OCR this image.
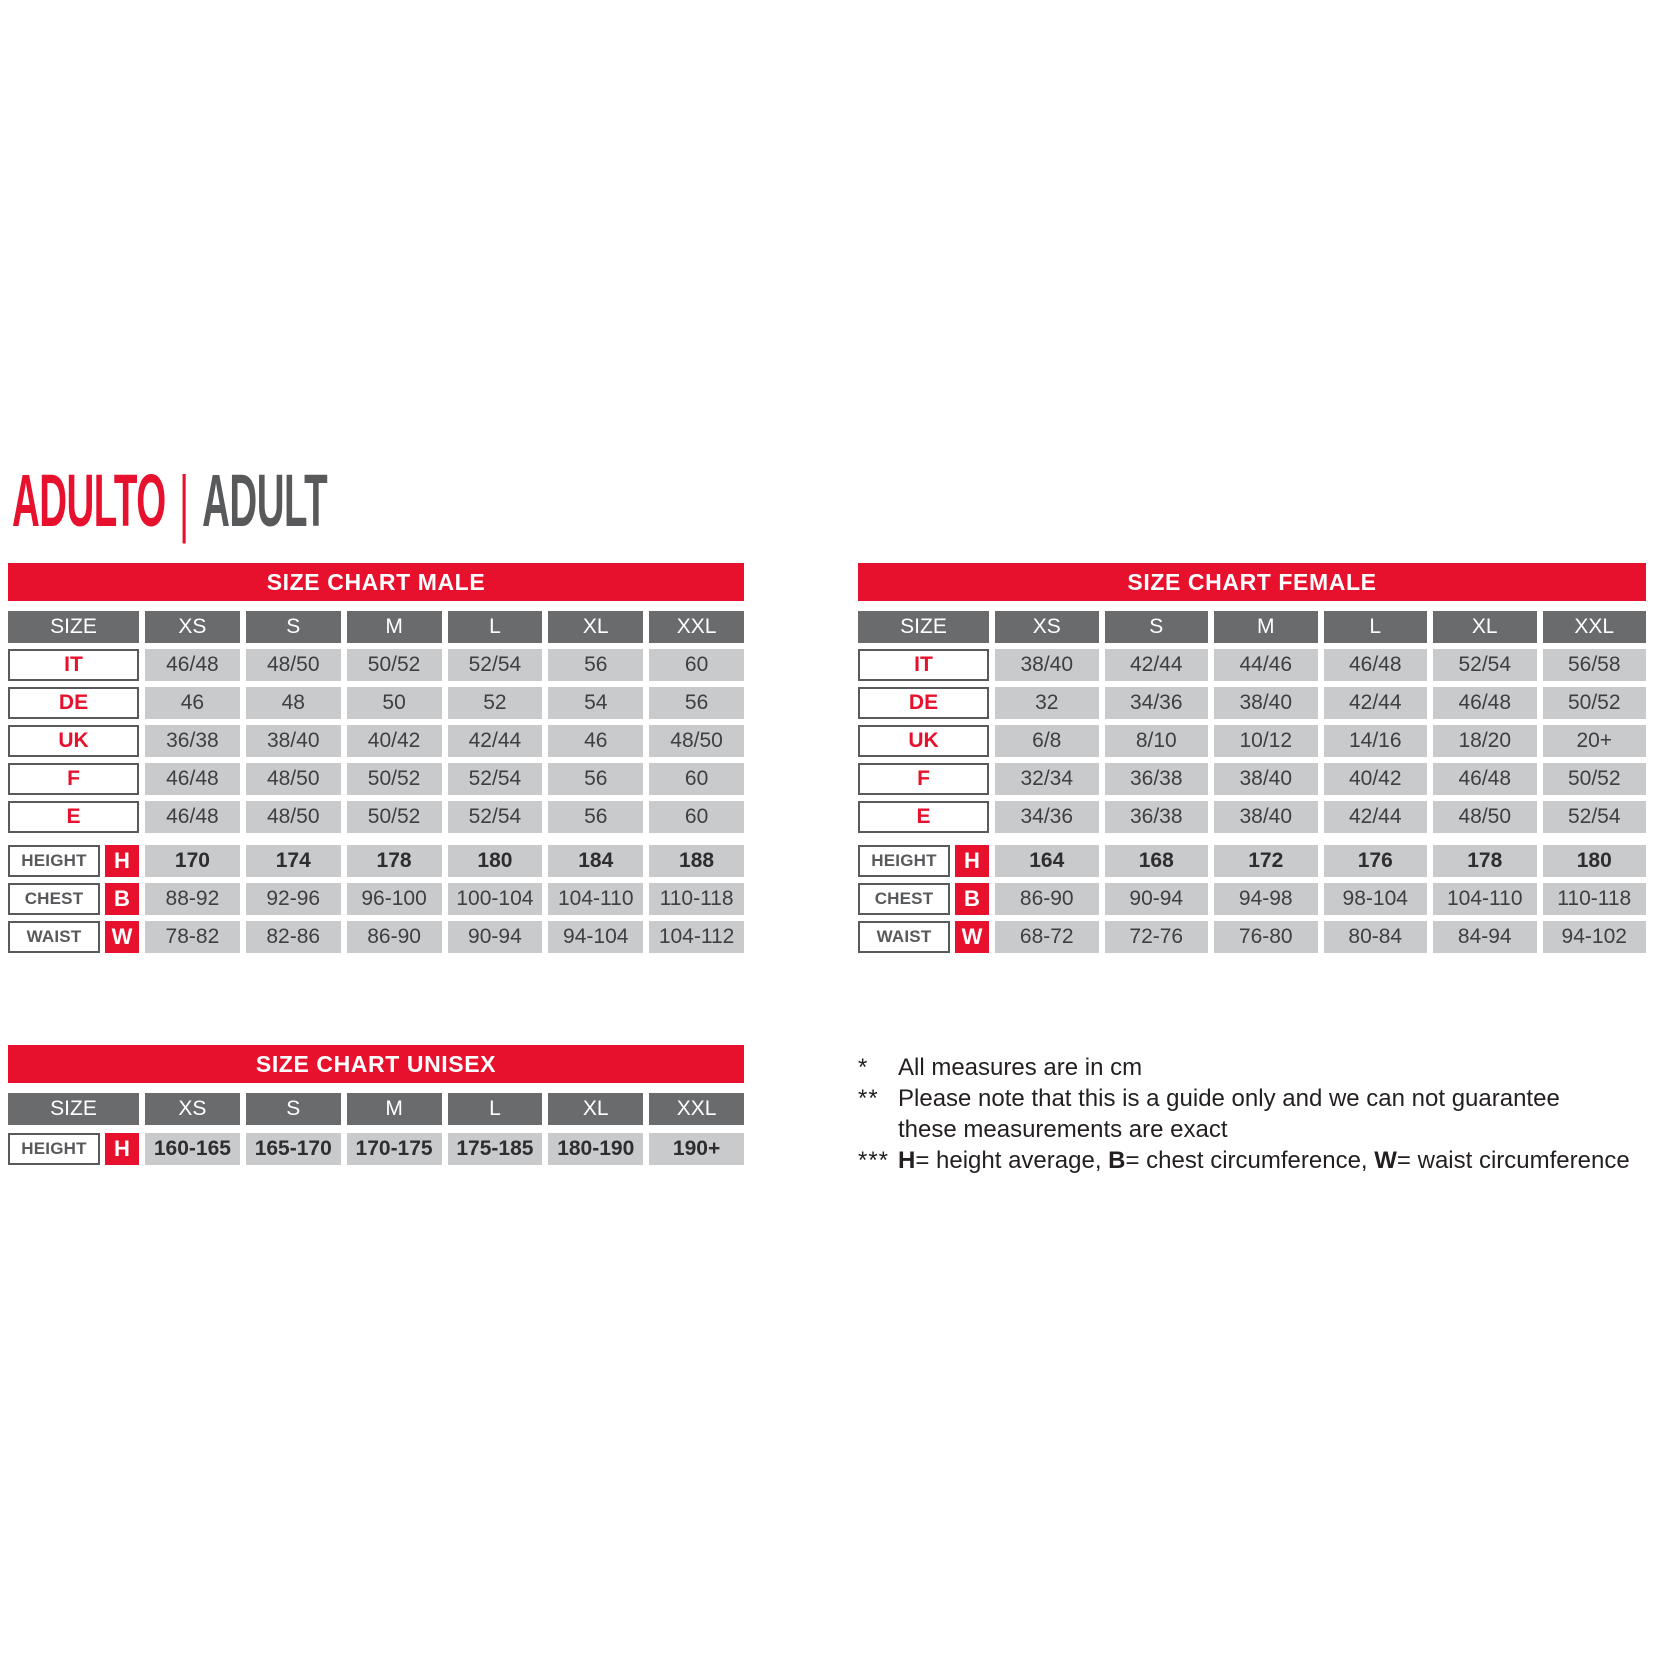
ADULTO | ADULT
SIZE CHART MALE
SIZE	XS	S	M	L	XL	XXL
IT	46/48	48/50	50/52	52/54	56	60
DE	46	48	50	52	54	56
UK	36/38	38/40	40/42	42/44	46	48/50
F	46/48	48/50	50/52	52/54	56	60
E	46/48	48/50	50/52	52/54	56	60
HEIGHT	H	170	174	178	180	184	188
CHEST	B	88-92	92-96	96-100	100-104	104-110	110-118
WAIST	W	78-82	82-86	86-90	90-94	94-104	104-112
SIZE CHART FEMALE
SIZE	XS	S	M	L	XL	XXL
IT	38/40	42/44	44/46	46/48	52/54	56/58
DE	32	34/36	38/40	42/44	46/48	50/52
UK	6/8	8/10	10/12	14/16	18/20	20+
F	32/34	36/38	38/40	40/42	46/48	50/52
E	34/36	36/38	38/40	42/44	48/50	52/54
HEIGHT	H	164	168	172	176	178	180
CHEST	B	86-90	90-94	94-98	98-104	104-110	110-118
WAIST	W	68-72	72-76	76-80	80-84	84-94	94-102
SIZE CHART UNISEX
SIZE	XS	S	M	L	XL	XXL
HEIGHT	H	160-165	165-170	170-175	175-185	180-190	190+
*	All measures are in cm
** Please note that this is a guide only and we can not guarantee
these measurements are exact
*** H= height average, B= chest circumference, W= waist circumference
